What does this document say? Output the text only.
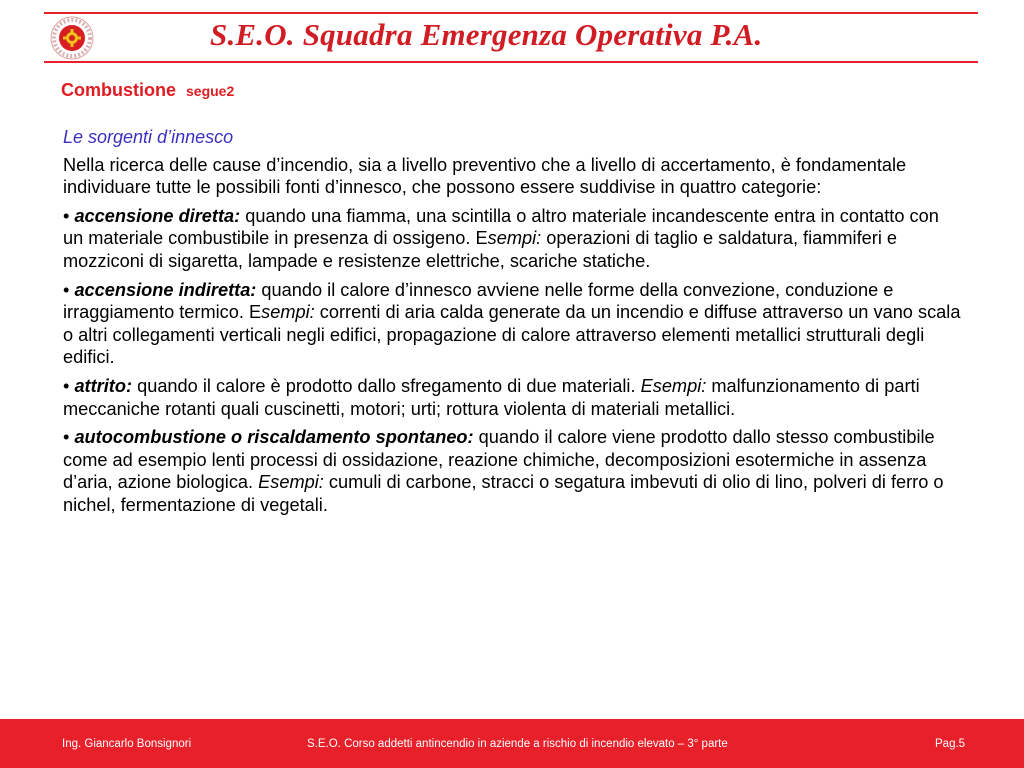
S.E.O. Squadra Emergenza Operativa P.A.
Combustione segue2
Le sorgenti d’innesco
Nella ricerca delle cause d’incendio, sia a livello preventivo che a livello di accertamento, è fondamentale individuare tutte le possibili fonti d’innesco, che possono essere suddivise in quattro categorie:
• accensione diretta: quando una fiamma, una scintilla o altro materiale incandescente entra in contatto con un materiale combustibile in presenza di ossigeno. Esempi: operazioni di taglio e saldatura, fiammiferi e mozziconi di sigaretta, lampade e resistenze elettriche, scariche statiche.
• accensione indiretta: quando il calore d’innesco avviene nelle forme della convezione, conduzione e irraggiamento termico. Esempi: correnti di aria calda generate da un incendio e diffuse attraverso un vano scala o altri collegamenti verticali negli edifici, propagazione di calore attraverso elementi metallici strutturali degli edifici.
• attrito: quando il calore è prodotto dallo sfregamento di due materiali. Esempi: malfunzionamento di parti meccaniche rotanti quali cuscinetti, motori; urti; rottura violenta di materiali metallici.
• autocombustione o riscaldamento spontaneo: quando il calore viene prodotto dallo stesso combustibile come ad esempio lenti processi di ossidazione, reazione chimiche, decomposizioni esotermiche in assenza d’aria, azione biologica. Esempi: cumuli di carbone, stracci o segatura imbevuti di olio di lino, polveri di ferro o nichel, fermentazione di vegetali.
Ing. Giancarlo Bonsignori	S.E.O. Corso addetti antincendio in aziende a rischio di incendio elevato – 3° parte	Pag.5
